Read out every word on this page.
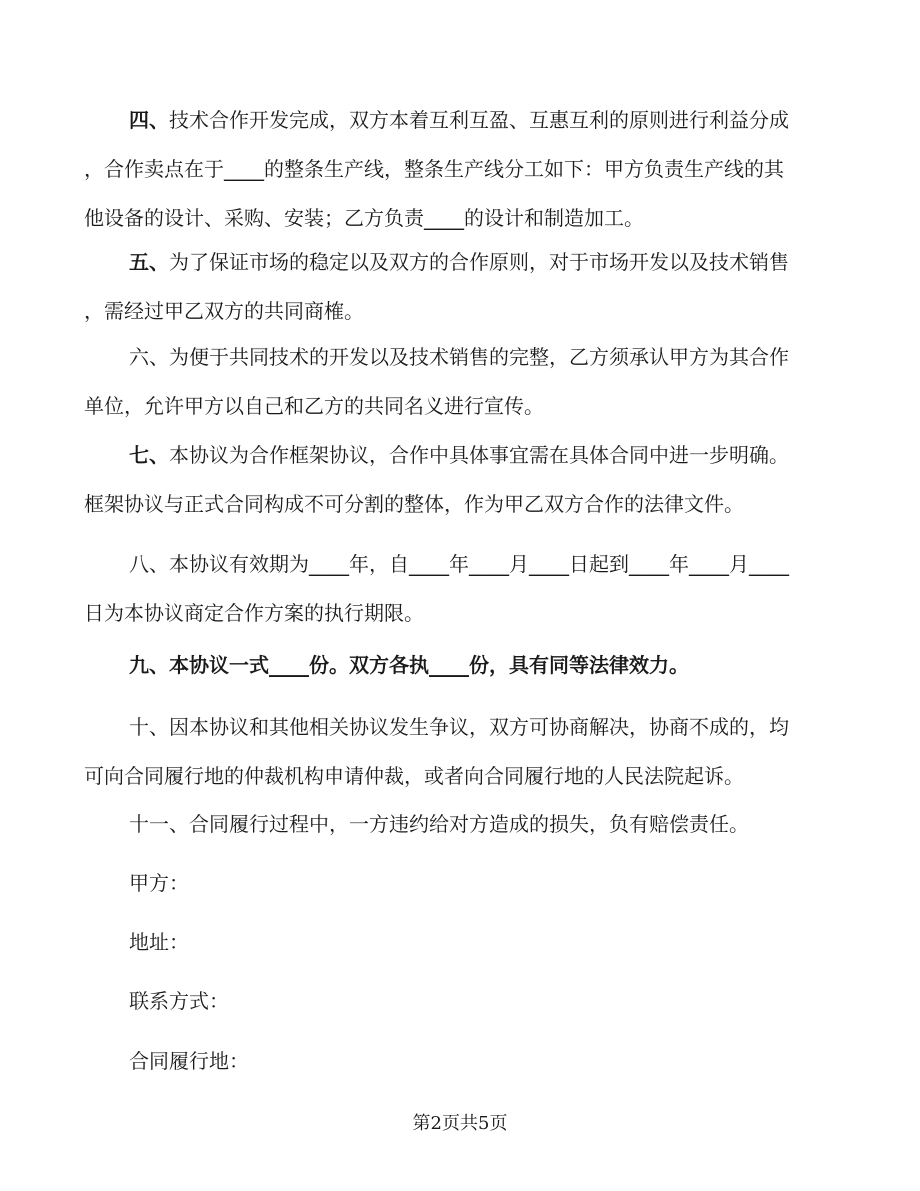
四、技术合作开发完成，双方本着互利互盈、互惠互利的原则进行利益分成
，合作卖点在于____的整条生产线，整条生产线分工如下：甲方负责生产线的其
他设备的设计、采购、安装；乙方负责____的设计和制造加工。

五、为了保证市场的稳定以及双方的合作原则，对于市场开发以及技术销售
，需经过甲乙双方的共同商榷。

六、为便于共同技术的开发以及技术销售的完整，乙方须承认甲方为其合作
单位，允许甲方以自己和乙方的共同名义进行宣传。

七、本协议为合作框架协议，合作中具体事宜需在具体合同中进一步明确。
框架协议与正式合同构成不可分割的整体，作为甲乙双方合作的法律文件。

八、本协议有效期为____年，自____年____月____日起到____年____月____
日为本协议商定合作方案的执行期限。

九、本协议一式____份。双方各执____份，具有同等法律效力。

十、因本协议和其他相关协议发生争议，双方可协商解决，协商不成的，均
可向合同履行地的仲裁机构申请仲裁，或者向合同履行地的人民法院起诉。

十一、合同履行过程中，一方违约给对方造成的损失，负有赔偿责任。

甲方：

地址：

联系方式：

合同履行地：

第2页共5页
